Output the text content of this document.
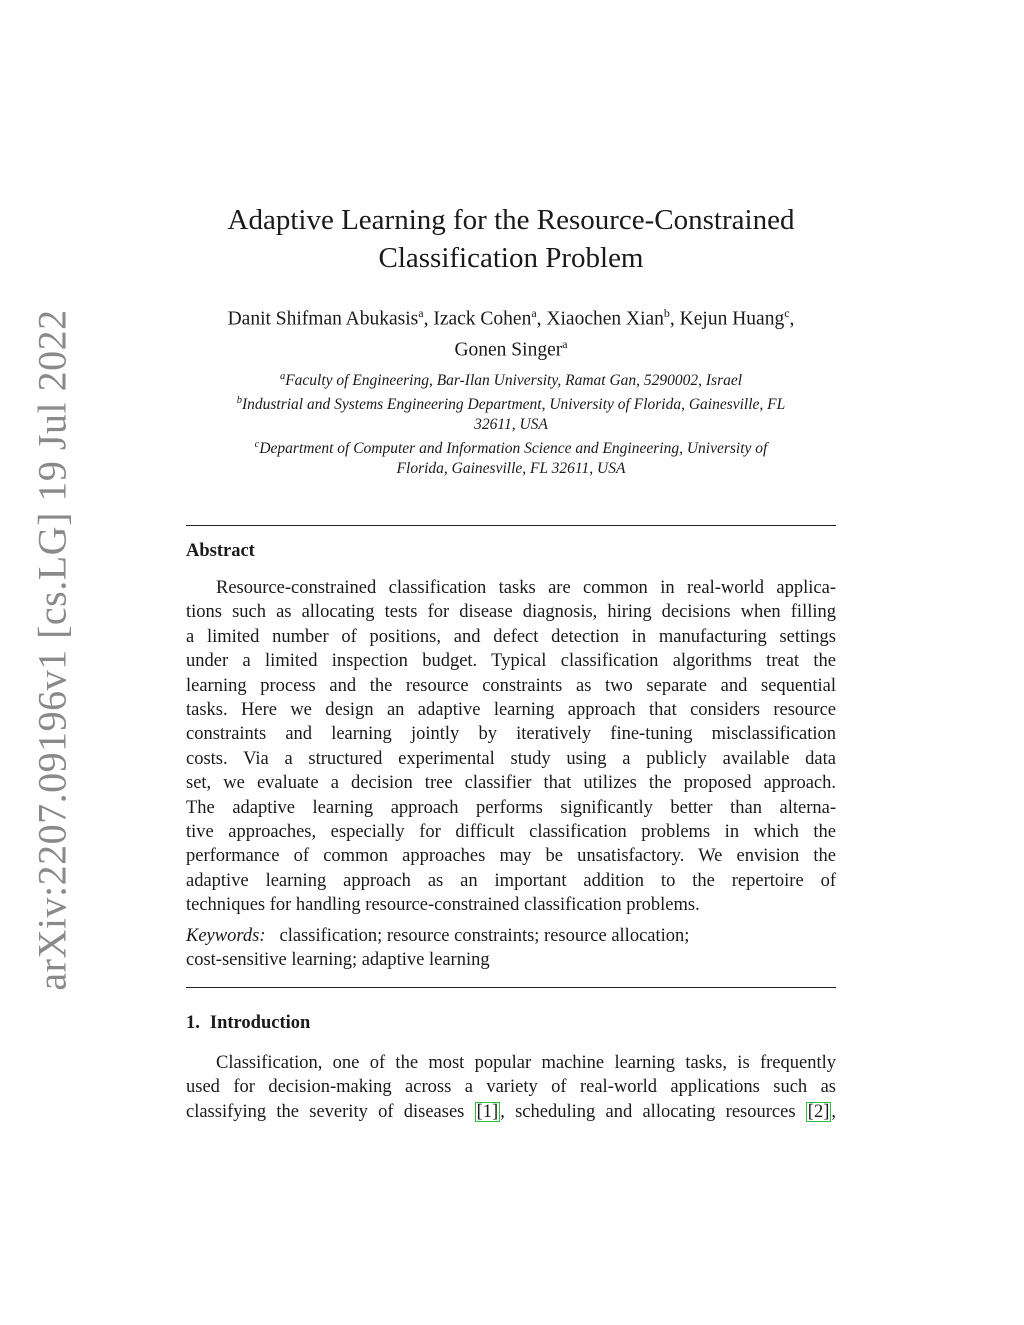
arXiv:2207.09196v1 [cs.LG] 19 Jul 2022
Adaptive Learning for the Resource-Constrained
Classification Problem
Danit Shifman Abukasis$^a$, Izack Cohen$^a$, Xiaochen Xian$^b$, Kejun Huang$^c$,
Gonen Singer$^a$
$^a$Faculty of Engineering, Bar-Ilan University, Ramat Gan, 5290002, Israel
$^b$Industrial and Systems Engineering Department, University of Florida, Gainesville, FL
32611, USA
$^c$Department of Computer and Information Science and Engineering, University of
Florida, Gainesville, FL 32611, USA
Abstract
Resource-constrained classification tasks are common in real-world applica-
tions such as allocating tests for disease diagnosis, hiring decisions when filling
a limited number of positions, and defect detection in manufacturing settings
under a limited inspection budget. Typical classification algorithms treat the
learning process and the resource constraints as two separate and sequential
tasks. Here we design an adaptive learning approach that considers resource
constraints and learning jointly by iteratively fine-tuning misclassification
costs. Via a structured experimental study using a publicly available data
set, we evaluate a decision tree classifier that utilizes the proposed approach.
The adaptive learning approach performs significantly better than alterna-
tive approaches, especially for difficult classification problems in which the
performance of common approaches may be unsatisfactory. We envision the
adaptive learning approach as an important addition to the repertoire of
techniques for handling resource-constrained classification problems.
Keywords: classification; resource constraints; resource allocation;
cost-sensitive learning; adaptive learning
1. Introduction
Classification, one of the most popular machine learning tasks, is frequently
used for decision-making across a variety of real-world applications such as
classifying the severity of diseases [1] , scheduling and allocating resources [2] ,
